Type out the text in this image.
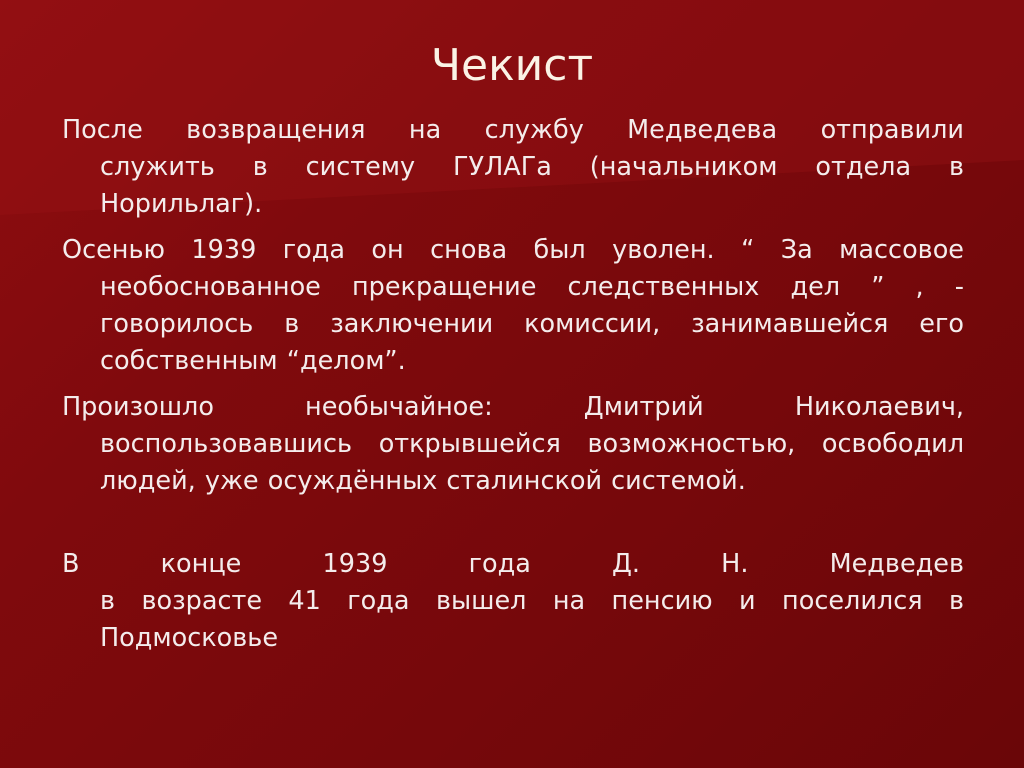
Чекист
После возвращения на службу Медведева отправили
служить в систему ГУЛАГа (начальником отдела в
Норильлаг).
Осенью 1939 года он снова был уволен. “ За массовое
необоснованное прекращение следственных дел ” , -
говорилось в заключении комиссии, занимавшейся его
собственным “делом”.
Произошло необычайное: Дмитрий Николаевич,
воспользовавшись открывшейся возможностью, освободил
людей, уже осуждённых сталинской системой.
В конце 1939 года Д. Н. Медведев
в возрасте 41 года вышел на пенсию и поселился в
Подмосковье
